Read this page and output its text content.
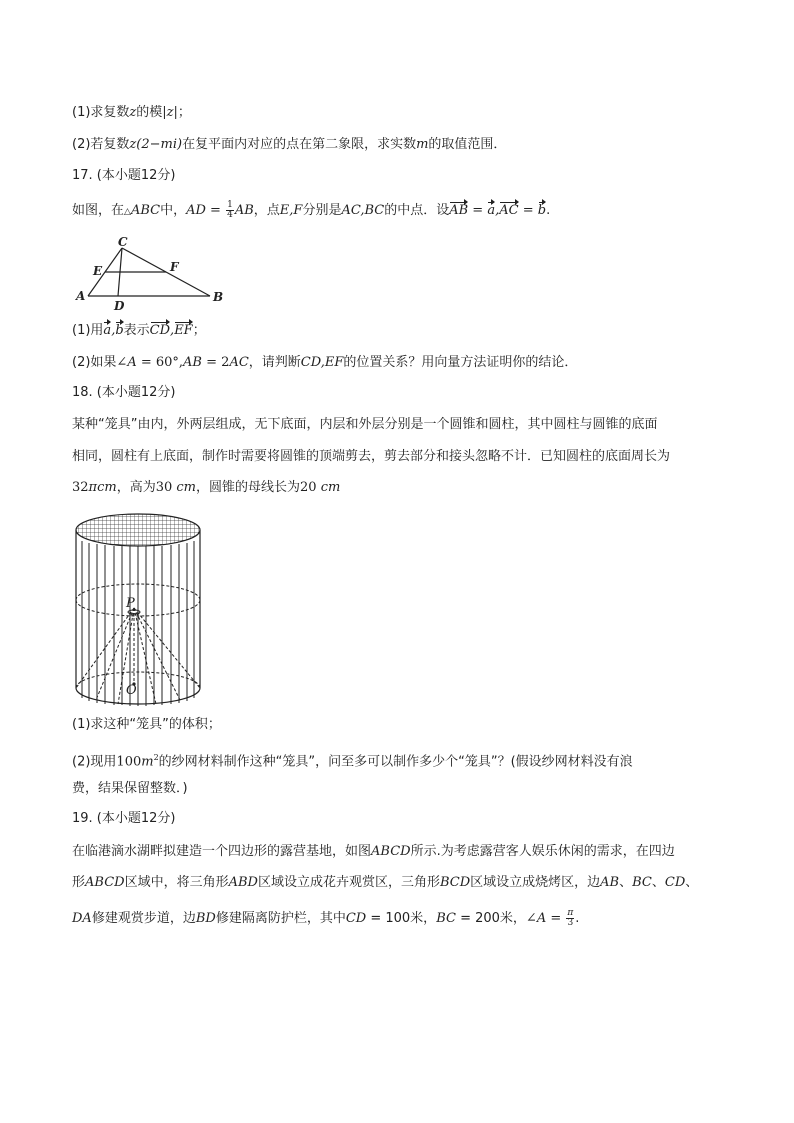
(1)求复数z的模|z|；
(2)若复数z(2−mi)在复平面内对应的点在第二象限，求实数m的取值范围．
17. (本小题12分)
如图，在△ABC中，AD = $\frac{1}{4}$ AB，点E,F分别是AC,BC的中点．设AB = a,AC = b.
A	B
C
D
E	F
(1)用a,b表示CD,EF；
(2)如果∠A = 60°,AB = 2AC，请判断CD,EF的位置关系？用向量方法证明你的结论．
18. (本小题12分)
某种“笼具”由内，外两层组成，无下底面，内层和外层分别是一个圆锥和圆柱，其中圆柱与圆锥的底面
相同，圆柱有上底面，制作时需要将圆锥的顶端剪去，剪去部分和接头忽略不计．已知圆柱的底面周长为
32πcm，高为30 cm，圆锥的母线长为20 cm
P
O
(1)求这种“笼具”的体积；
(2)现用$100m^2$的纱网材料制作这种“笼具”，问至多可以制作多少个“笼具”？(假设纱网材料没有浪
费，结果保留整数．)
19. (本小题12分)
在临港滴水湖畔拟建造一个四边形的露营基地，如图ABCD所示.为考虑露营客人娱乐休闲的需求，在四边
形ABCD区域中，将三角形ABD区域设立成花卉观赏区，三角形BCD区域设立成烧烤区，边AB、BC、CD、
DA修建观赏步道，边BD修建隔离防护栏，其中CD = 100米，BC = 200米，∠A = $\frac{\pi}{3}$ .
